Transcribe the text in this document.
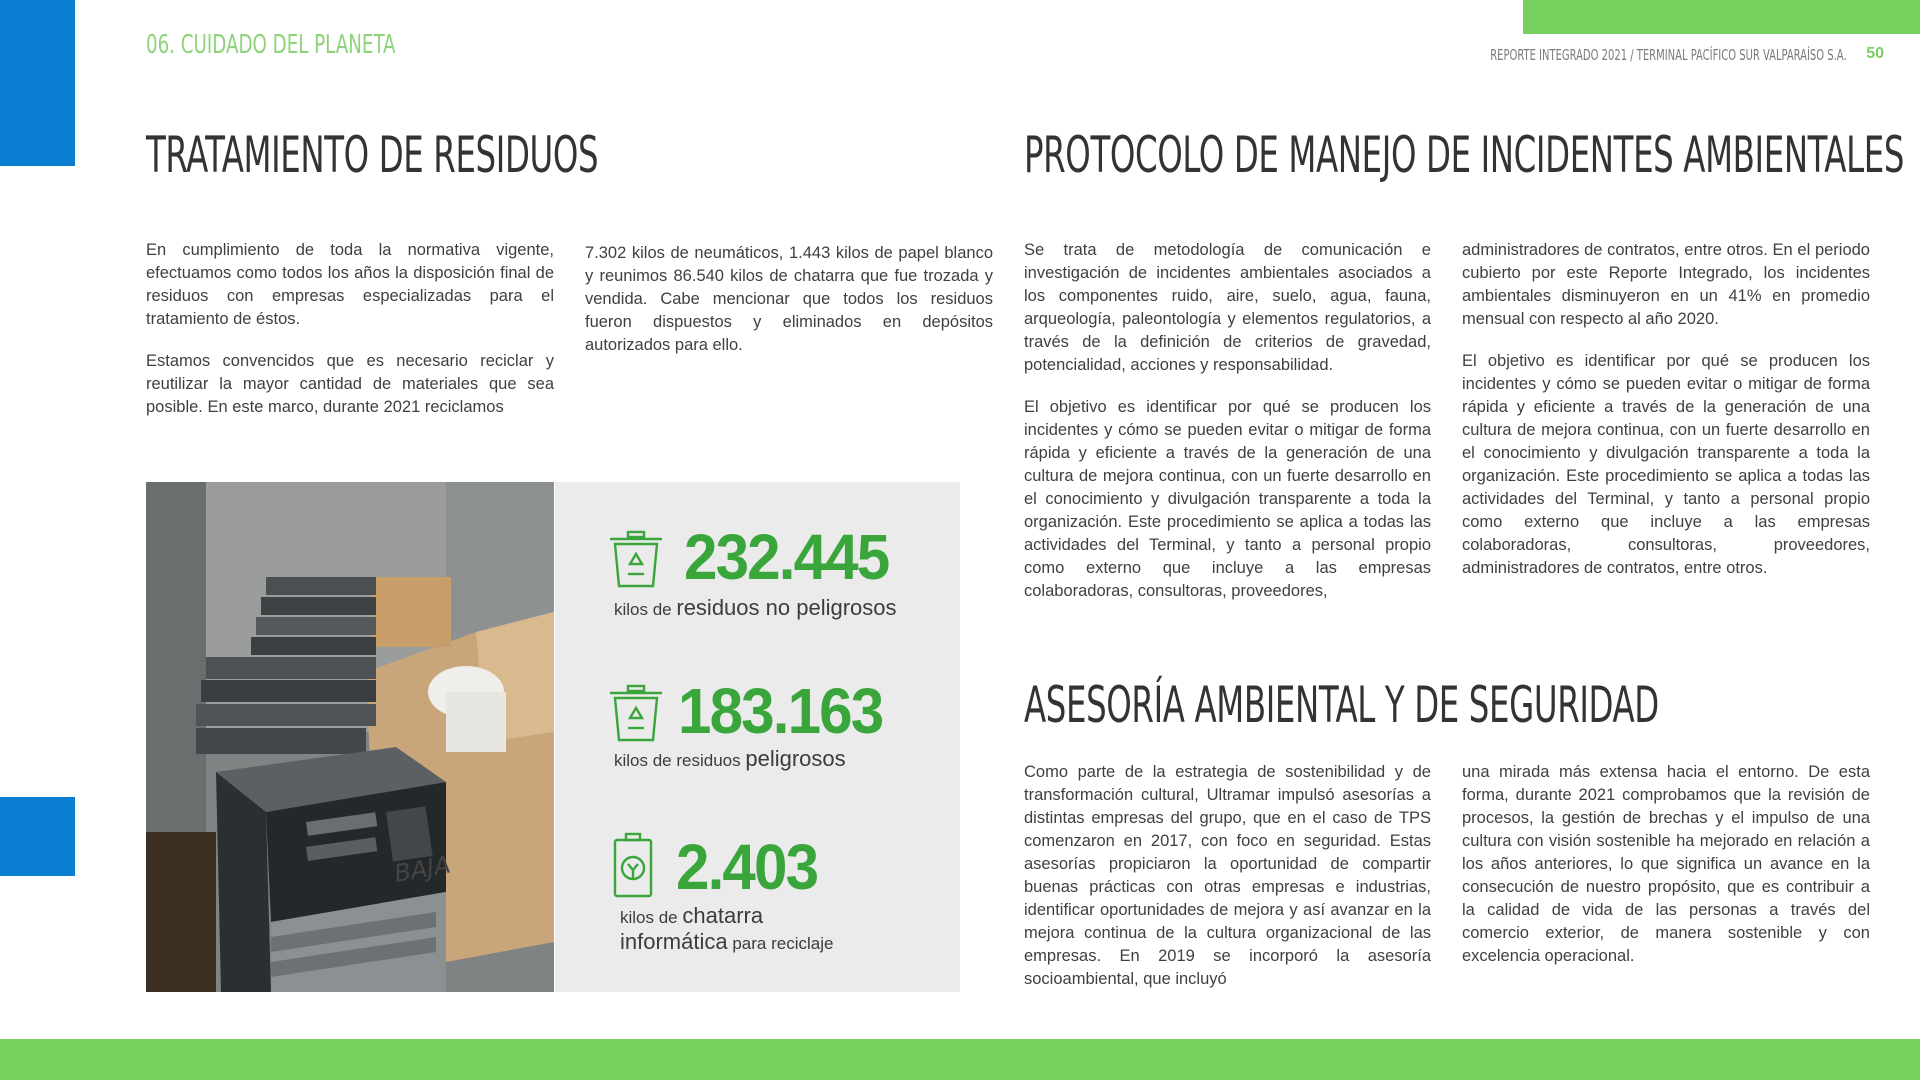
06. CUIDADO DEL PLANETA	REPORTE INTEGRADO 2021 / TERMINAL PACÍFICO SUR VALPARAÍSO S.A. 50
TRATAMIENTO DE RESIDUOS

En cumplimiento de toda la normativa vigente, efectuamos como todos los años la disposición final de residuos con empresas especializadas para el tratamiento de éstos.

Estamos convencidos que es necesario reciclar y reutilizar la mayor cantidad de materiales que sea posible. En este marco, durante 2021 reciclamos

7.302 kilos de neumáticos, 1.443 kilos de papel blanco y reunimos 86.540 kilos de chatarra que fue trozada y vendida. Cabe mencionar que todos los residuos fueron dispuestos y eliminados en depósitos autorizados para ello.

BAJA
232.445
kilos de residuos no peligrosos
183.163
kilos de residuos peligrosos
2.403
kilos de chatarra
informática para reciclaje
PROTOCOLO DE MANEJO DE INCIDENTES AMBIENTALES

Se trata de metodología de comunicación e investigación de incidentes ambientales asociados a los componentes ruido, aire, suelo, agua, fauna, arqueología, paleontología y elementos regulatorios, a través de la definición de criterios de gravedad, potencialidad, acciones y responsabilidad.

El objetivo es identificar por qué se producen los incidentes y cómo se pueden evitar o mitigar de forma rápida y eficiente a través de la generación de una cultura de mejora continua, con un fuerte desarrollo en el conocimiento y divulgación transparente a toda la organización. Este procedimiento se aplica a todas las actividades del Terminal, y tanto a personal propio como externo que incluye a las empresas colaboradoras, consultoras, proveedores,

administradores de contratos, entre otros. En el periodo cubierto por este Reporte Integrado, los incidentes ambientales disminuyeron en un 41% en promedio mensual con respecto al año 2020.

El objetivo es identificar por qué se producen los incidentes y cómo se pueden evitar o mitigar de forma rápida y eficiente a través de la generación de una cultura de mejora continua, con un fuerte desarrollo en el conocimiento y divulgación transparente a toda la organización. Este procedimiento se aplica a todas las actividades del Terminal, y tanto a personal propio como externo que incluye a las empresas colaboradoras, consultoras, proveedores, administradores de contratos, entre otros.

ASESORÍA AMBIENTAL Y DE SEGURIDAD

Como parte de la estrategia de sostenibilidad y de transformación cultural, Ultramar impulsó asesorías a distintas empresas del grupo, que en el caso de TPS comenzaron en 2017, con foco en seguridad. Estas asesorías propiciaron la oportunidad de compartir buenas prácticas con otras empresas e industrias, identificar oportunidades de mejora y así avanzar en la mejora continua de la cultura organizacional de las empresas. En 2019 se incorporó la asesoría socioambiental, que incluyó

una mirada más extensa hacia el entorno. De esta forma, durante 2021 comprobamos que la revisión de procesos, la gestión de brechas y el impulso de una cultura con visión sostenible ha mejorado en relación a los años anteriores, lo que significa un avance en la consecución de nuestro propósito, que es contribuir a la calidad de vida de las personas a través del comercio exterior, de manera sostenible y con excelencia operacional.
